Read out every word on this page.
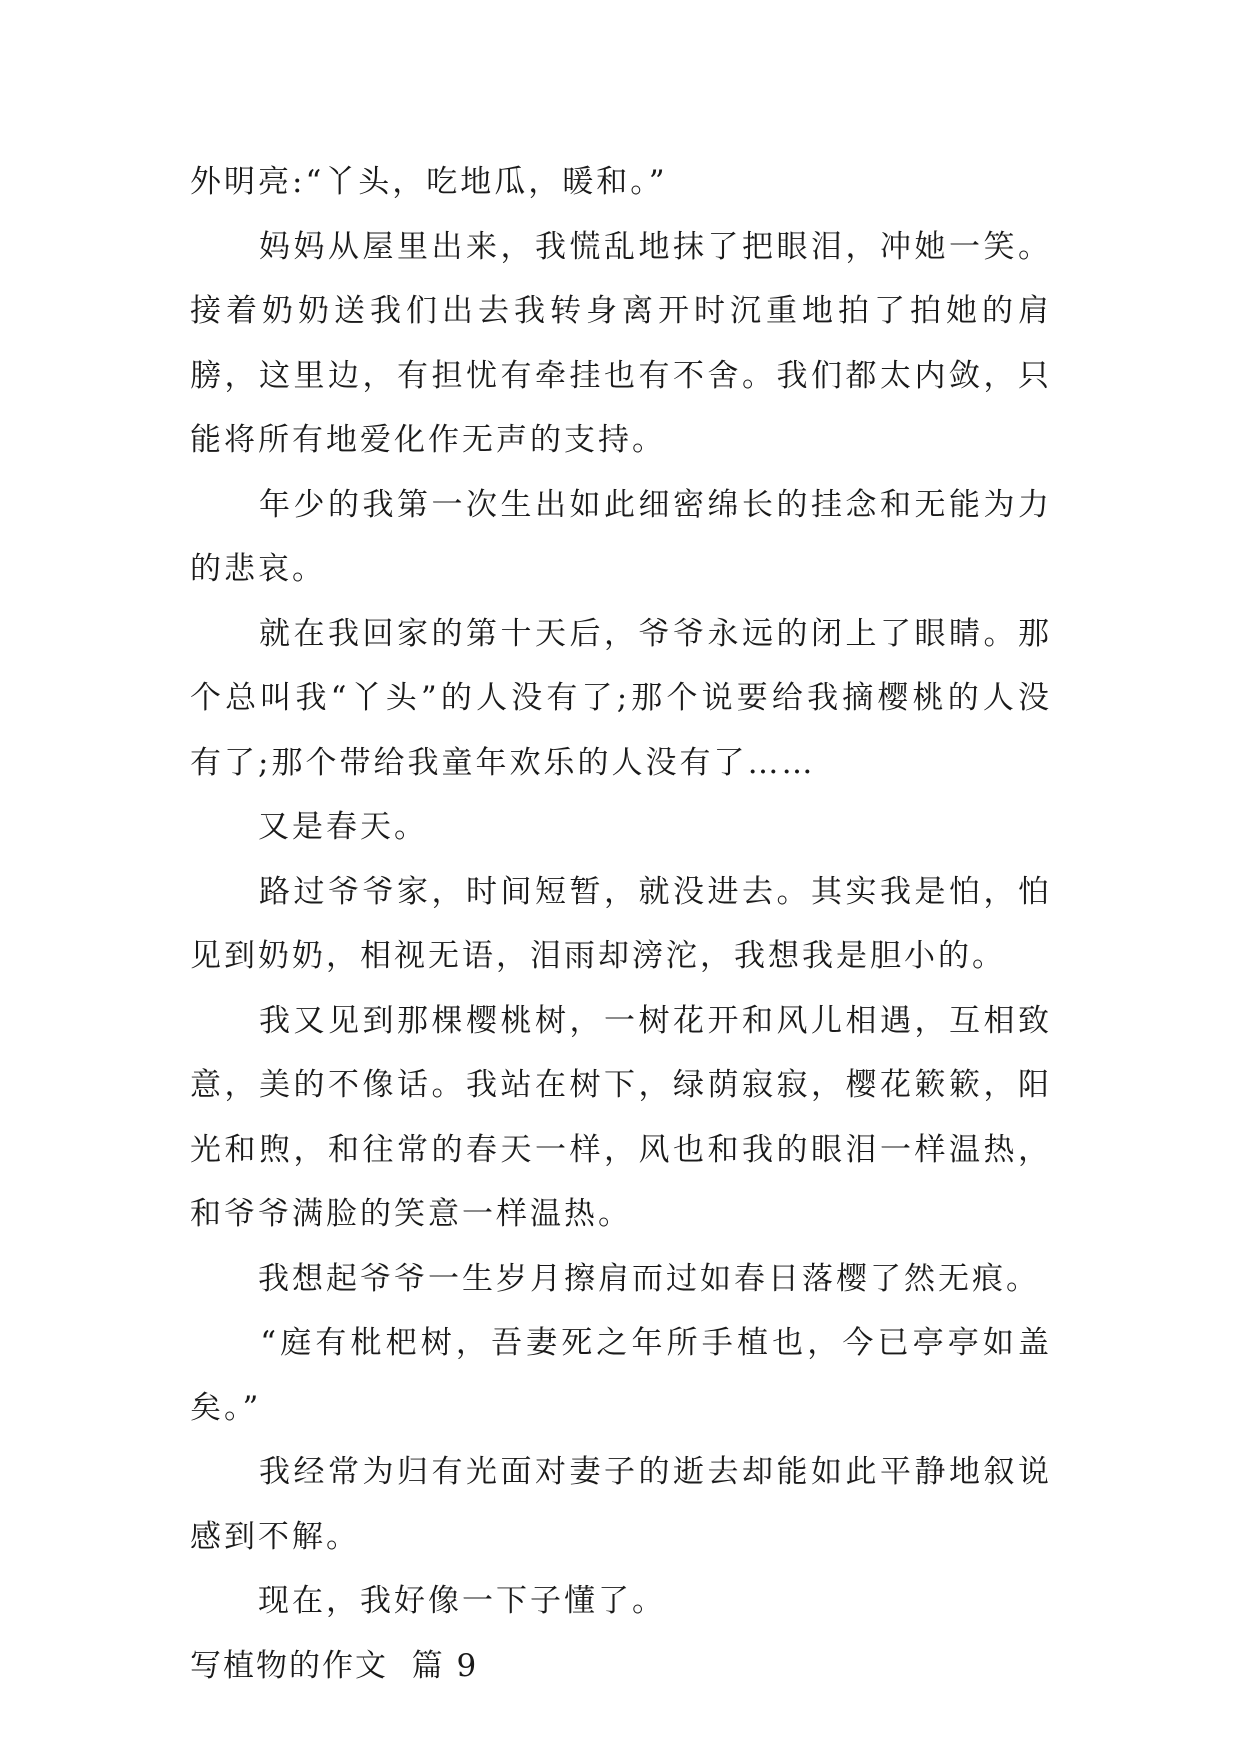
外明亮:“丫头，吃地瓜，暖和。”

　　妈妈从屋里出来，我慌乱地抹了把眼泪，冲她一笑。接着奶奶送我们出去我转身离开时沉重地拍了拍她的肩膀，这里边，有担忧有牵挂也有不舍。我们都太内敛，只能将所有地爱化作无声的支持。

　　年少的我第一次生出如此细密绵长的挂念和无能为力的悲哀。

　　就在我回家的第十天后，爷爷永远的闭上了眼睛。那个总叫我“丫头”的人没有了;那个说要给我摘樱桃的人没有了;那个带给我童年欢乐的人没有了……

　　又是春天。

　　路过爷爷家，时间短暂，就没进去。其实我是怕，怕见到奶奶，相视无语，泪雨却滂沱，我想我是胆小的。

　　我又见到那棵樱桃树，一树花开和风儿相遇，互相致意，美的不像话。我站在树下，绿荫寂寂，樱花簌簌，阳光和煦，和往常的春天一样，风也和我的眼泪一样温热，和爷爷满脸的笑意一样温热。

　　我想起爷爷一生岁月擦肩而过如春日落樱了然无痕。

　　“庭有枇杷树，吾妻死之年所手植也，今已亭亭如盖矣。”

　　我经常为归有光面对妻子的逝去却能如此平静地叙说感到不解。

　　现在，我好像一下子懂了。

写植物的作文  篇 9
